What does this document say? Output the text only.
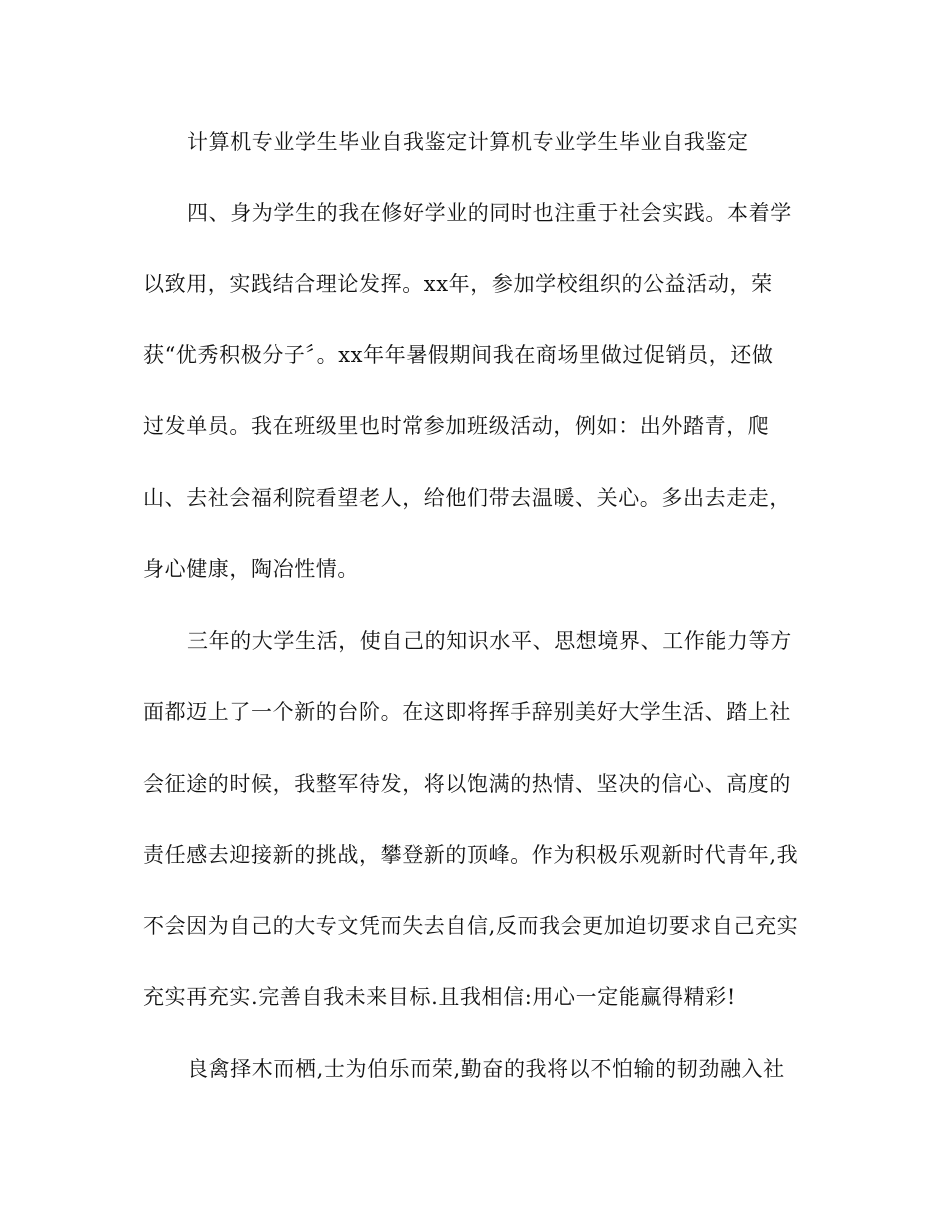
计算机专业学生毕业自我鉴定计算机专业学生毕业自我鉴定
四、身为学生的我在修好学业的同时也注重于社会实践。本着学
以致用，实践结合理论发挥。xx年，参加学校组织的公益活动，荣
获“优秀积极分子〞。xx年年暑假期间我在商场里做过促销员，还做
过发单员。我在班级里也时常参加班级活动，例如：出外踏青，爬
山、去社会福利院看望老人，给他们带去温暖、关心。多出去走走，
身心健康，陶冶性情。
三年的大学生活，使自己的知识水平、思想境界、工作能力等方
面都迈上了一个新的台阶。在这即将挥手辞别美好大学生活、踏上社
会征途的时候，我整军待发，将以饱满的热情、坚决的信心、高度的
责任感去迎接新的挑战，攀登新的顶峰。作为积极乐观新时代青年,我
不会因为自己的大专文凭而失去自信,反而我会更加迫切要求自己充实
充实再充实.完善自我未来目标.且我相信:用心一定能赢得精彩!
良禽择木而栖,士为伯乐而荣,勤奋的我将以不怕输的韧劲融入社
